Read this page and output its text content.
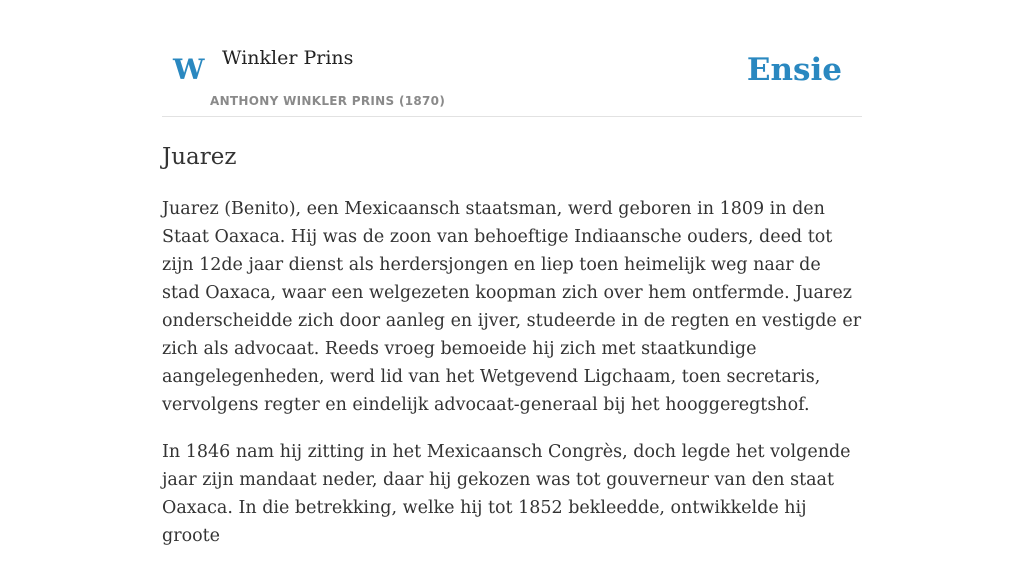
W Winkler Prins
ANTHONY WINKLER PRINS (1870)
Ensie
Juarez

Juarez (Benito), een Mexicaansch staatsman, werd geboren in 1809 in den Staat Oaxaca. Hij was de zoon van behoeftige Indiaansche ouders, deed tot zijn 12de jaar dienst als herdersjongen en liep toen heimelijk weg naar de stad Oaxaca, waar een welgezeten koopman zich over hem ontfermde. Juarez onderscheidde zich door aanleg en ijver, studeerde in de regten en vestigde er zich als advocaat. Reeds vroeg bemoeide hij zich met staatkundige aangelegenheden, werd lid van het Wetgevend Ligchaam, toen secretaris, vervolgens regter en eindelijk advocaat-generaal bij het hooggeregtshof.

In 1846 nam hij zitting in het Mexicaansch Congrès, doch legde het volgende jaar zijn mandaat neder, daar hij gekozen was tot gouverneur van den staat Oaxaca. In die betrekking, welke hij tot 1852 bekleedde, ontwikkelde hij groote
